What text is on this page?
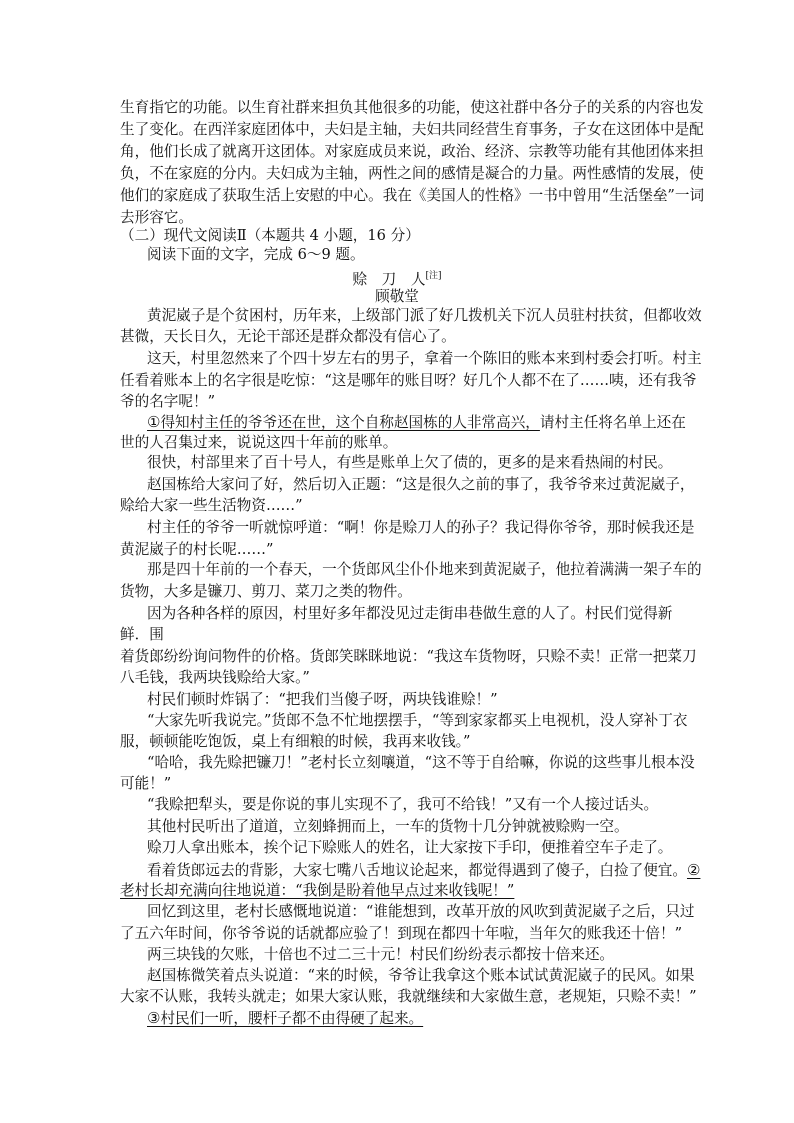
生育指它的功能。以生育社群来担负其他很多的功能，使这社群中各分子的关系的内容也发
生了变化。在西洋家庭团体中，夫妇是主轴，夫妇共同经营生育事务，子女在这团体中是配
角，他们长成了就离开这团体。对家庭成员来说，政治、经济、宗教等功能有其他团体来担
负，不在家庭的分内。夫妇成为主轴，两性之间的感情是凝合的力量。两性感情的发展，使
他们的家庭成了获取生活上安慰的中心。我在《美国人的性格》一书中曾用“生活堡垒”一词
去形容它。
（二）现代文阅读Ⅱ（本题共 4 小题，16 分）
阅读下面的文字，完成 6～9 题。
赊　刀　人[注]
顾敬堂
黄泥崴子是个贫困村，历年来，上级部门派了好几拨机关下沉人员驻村扶贫，但都收效
甚微，天长日久，无论干部还是群众都没有信心了。
这天，村里忽然来了个四十岁左右的男子，拿着一个陈旧的账本来到村委会打听。村主
任看着账本上的名字很是吃惊：“这是哪年的账目呀？好几个人都不在了……咦，还有我爷
爷的名字呢！”
①得知村主任的爷爷还在世，这个自称赵国栋的人非常高兴，请村主任将名单上还在
世的人召集过来，说说这四十年前的账单。
很快，村部里来了百十号人，有些是账单上欠了债的，更多的是来看热闹的村民。
赵国栋给大家问了好，然后切入正题：“这是很久之前的事了，我爷爷来过黄泥崴子，
赊给大家一些生活物资……”
村主任的爷爷一听就惊呼道：“啊！你是赊刀人的孙子？我记得你爷爷，那时候我还是
黄泥崴子的村长呢……”
那是四十年前的一个春天，一个货郎风尘仆仆地来到黄泥崴子，他拉着满满一架子车的
货物，大多是镰刀、剪刀、菜刀之类的物件。
因为各种各样的原因，村里好多年都没见过走街串巷做生意的人了。村民们觉得新
鲜．围
着货郎纷纷询问物件的价格。货郎笑眯眯地说：“我这车货物呀，只赊不卖！正常一把菜刀
八毛钱，我两块钱赊给大家。”
村民们顿时炸锅了：“把我们当傻子呀，两块钱谁赊！”
“大家先听我说完。”货郎不急不忙地摆摆手，“等到家家都买上电视机，没人穿补丁衣
服，顿顿能吃饱饭，桌上有细粮的时候，我再来收钱。”
“哈哈，我先赊把镰刀！”老村长立刻嚷道，“这不等于自给嘛，你说的这些事儿根本没
可能！”
“我赊把犁头，要是你说的事儿实现不了，我可不给钱！”又有一个人接过话头。
其他村民听出了道道，立刻蜂拥而上，一车的货物十几分钟就被赊购一空。
赊刀人拿出账本，挨个记下赊账人的姓名，让大家按下手印，便推着空车子走了。
看着货郎远去的背影，大家七嘴八舌地议论起来，都觉得遇到了傻子，白捡了便宜。②
老村长却充满向往地说道：“我倒是盼着他早点过来收钱呢！”
回忆到这里，老村长感慨地说道：“谁能想到，改革开放的风吹到黄泥崴子之后，只过
了五六年时间，你爷爷说的话就都应验了！到现在都四十年啦，当年欠的账我还十倍！”
两三块钱的欠账，十倍也不过二三十元！村民们纷纷表示都按十倍来还。
赵国栋微笑着点头说道：“来的时候，爷爷让我拿这个账本试试黄泥崴子的民风。如果
大家不认账，我转头就走；如果大家认账，我就继续和大家做生意，老规矩，只赊不卖！”
③村民们一听，腰杆子都不由得硬了起来。
